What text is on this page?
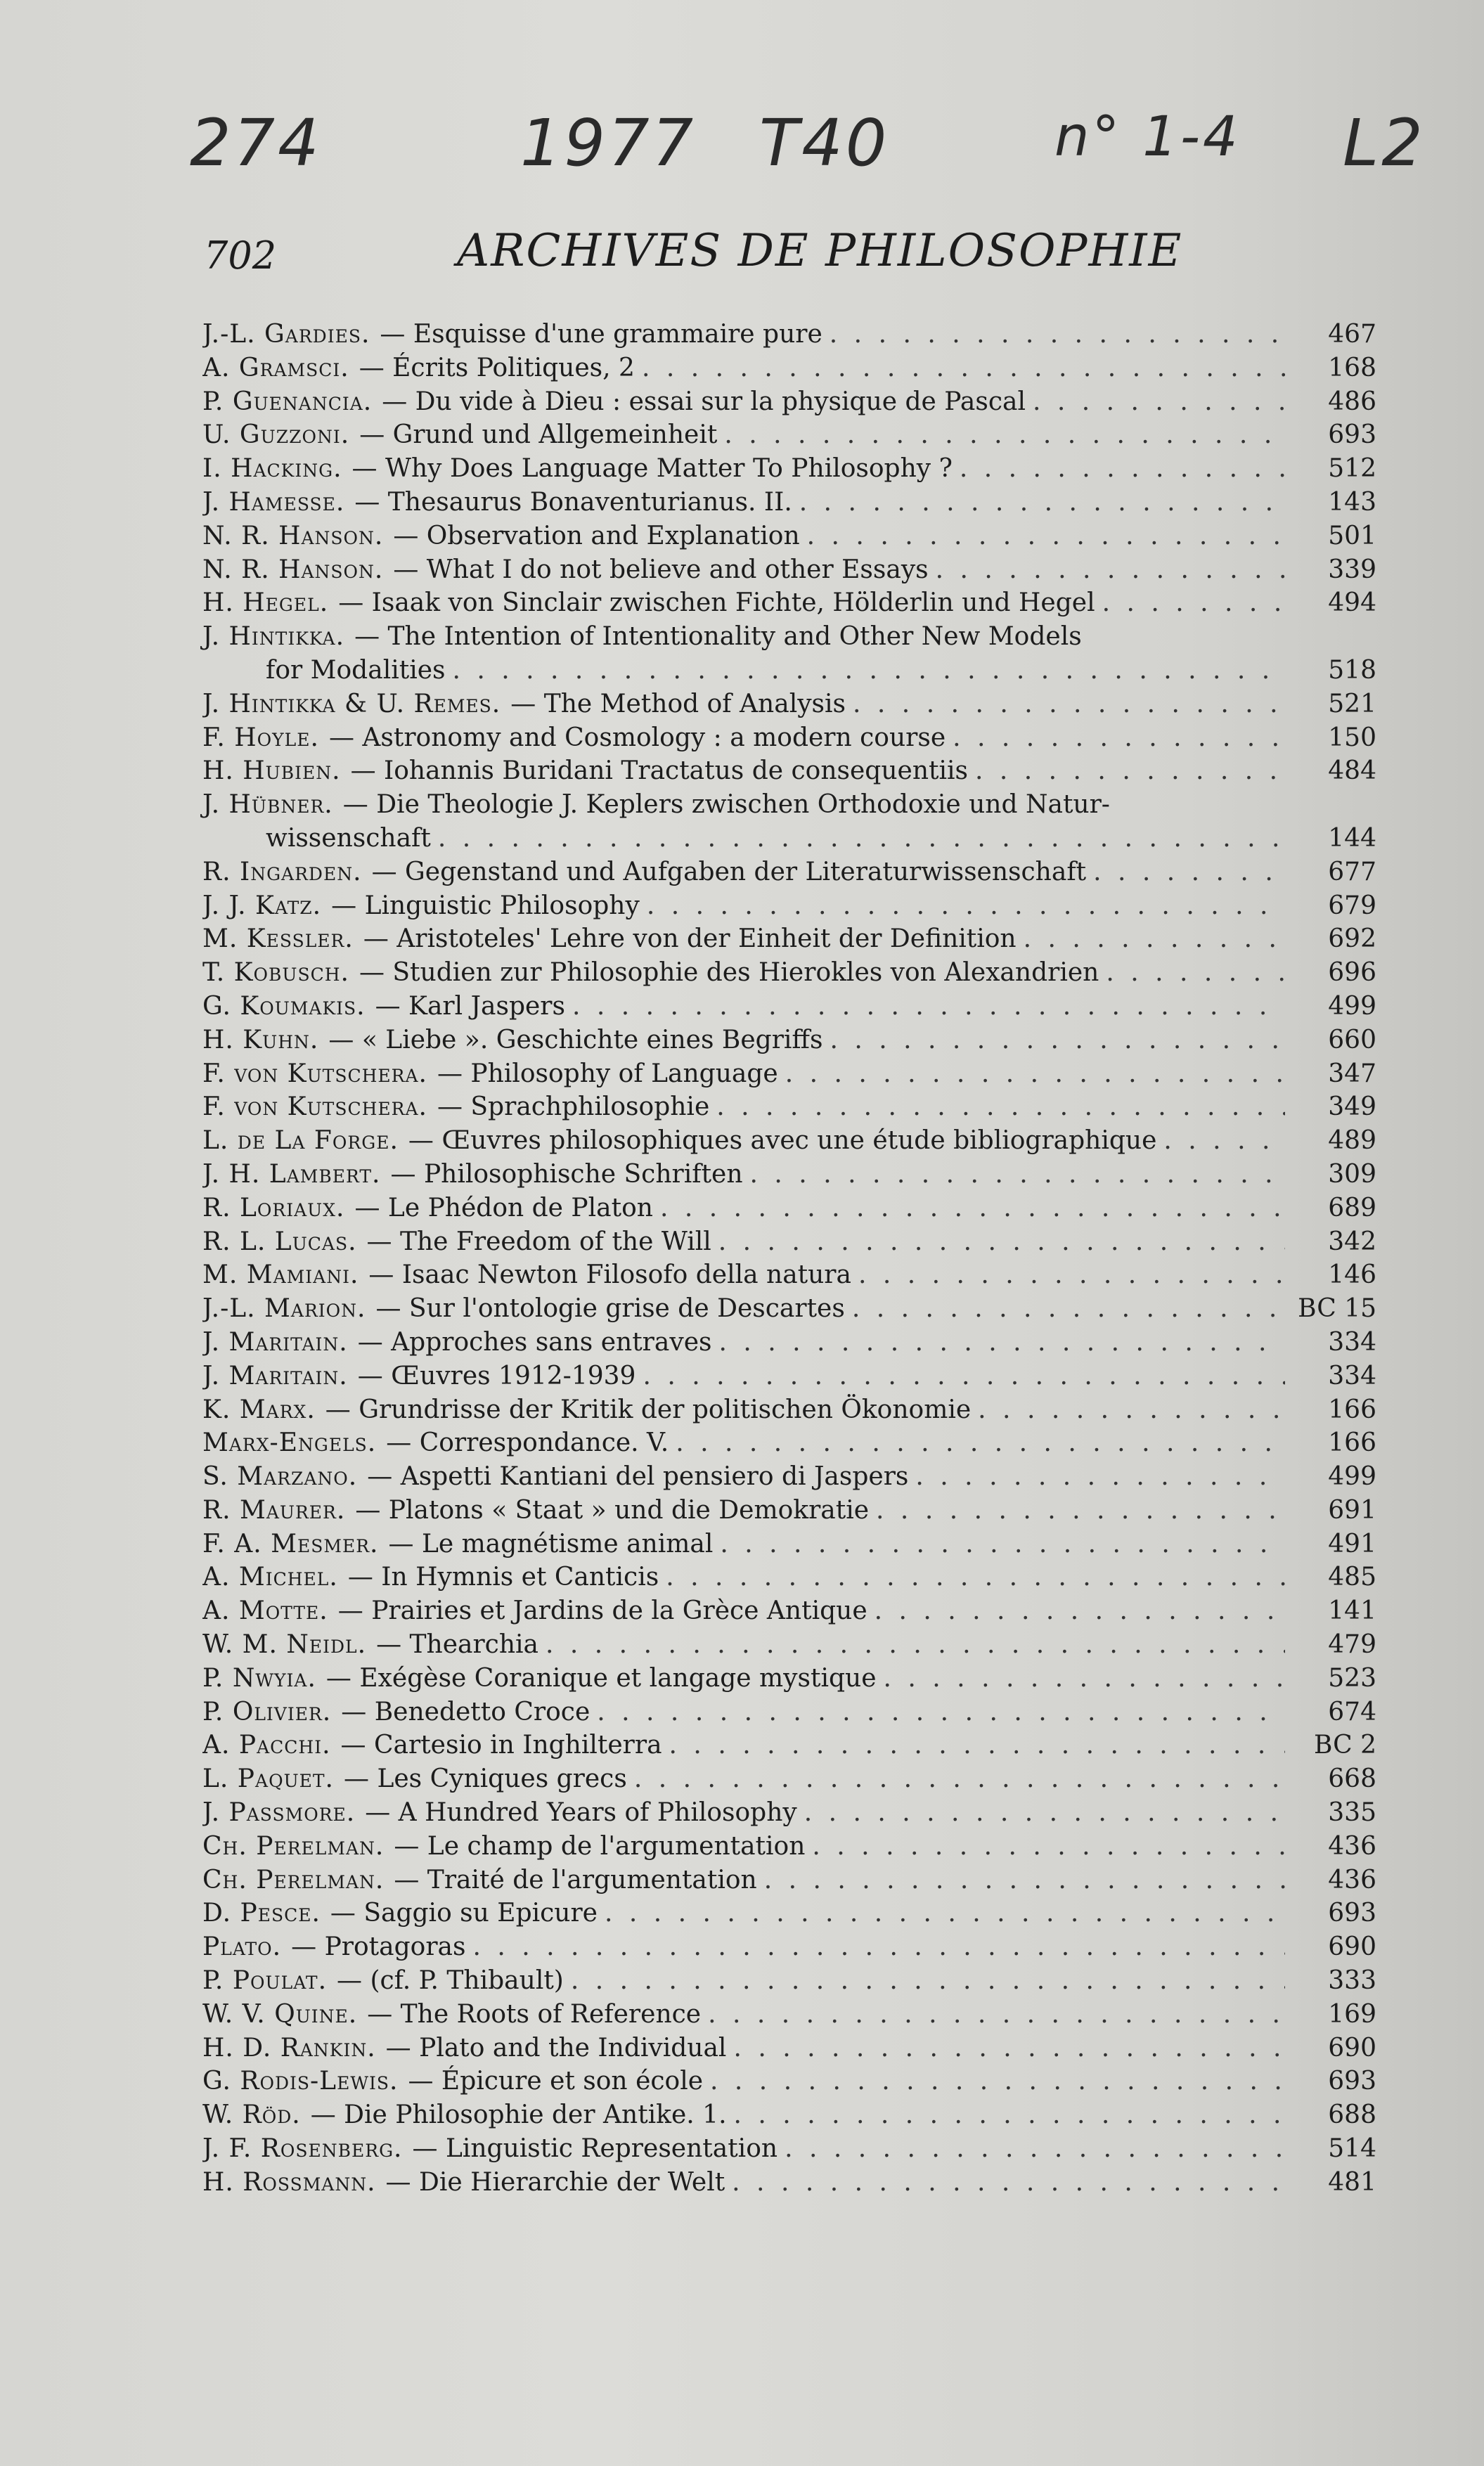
274	1977 T40	n° 1-4 L2
702	ARCHIVES DE PHILOSOPHIE
J.-L. Gardies. — Esquisse d'une grammaire pure . . .	467
A. Gramsci. — Écrits Politiques, 2 . . .	168
P. Guenancia. — Du vide à Dieu : essai sur la physique de Pascal . . .	486
U. Guzzoni. — Grund und Allgemeinheit . . .	693
I. Hacking. — Why Does Language Matter To Philosophy ? . . .	512
J. Hamesse. — Thesaurus Bonaventurianus. II. . . .	143
N. R. Hanson. — Observation and Explanation . . .	501
N. R. Hanson. — What I do not believe and other Essays . . .	339
H. Hegel. — Isaak von Sinclair zwischen Fichte, Hölderlin und Hegel . . .	494
J. Hintikka. — The Intention of Intentionality and Other New Models
for Modalities . . .	518
J. Hintikka & U. Remes. — The Method of Analysis . . .	521
F. Hoyle. — Astronomy and Cosmology : a modern course . . .	150
H. Hubien. — Iohannis Buridani Tractatus de consequentiis . . .	484
J. Hübner. — Die Theologie J. Keplers zwischen Orthodoxie und Natur-
wissenschaft . . .	144
R. Ingarden. — Gegenstand und Aufgaben der Literaturwissenschaft . . .	677
J. J. Katz. — Linguistic Philosophy . . .	679
M. Kessler. — Aristoteles' Lehre von der Einheit der Definition . . .	692
T. Kobusch. — Studien zur Philosophie des Hierokles von Alexandrien . . .	696
G. Koumakis. — Karl Jaspers . . .	499
H. Kuhn. — « Liebe ». Geschichte eines Begriffs . . .	660
F. von Kutschera. — Philosophy of Language . . .	347
F. von Kutschera. — Sprachphilosophie . . .	349
L. de La Forge. — Œuvres philosophiques avec une étude bibliographique . . .	489
J. H. Lambert. — Philosophische Schriften . . .	309
R. Loriaux. — Le Phédon de Platon . . .	689
R. L. Lucas. — The Freedom of the Will . . .	342
M. Mamiani. — Isaac Newton Filosofo della natura . . .	146
J.-L. Marion. — Sur l'ontologie grise de Descartes . . .	BC 15
J. Maritain. — Approches sans entraves . . .	334
J. Maritain. — Œuvres 1912-1939 . . .	334
K. Marx. — Grundrisse der Kritik der politischen Ökonomie . . .	166
Marx-Engels. — Correspondance. V. . . .	166
S. Marzano. — Aspetti Kantiani del pensiero di Jaspers . . .	499
R. Maurer. — Platons « Staat » und die Demokratie . . .	691
F. A. Mesmer. — Le magnétisme animal . . .	491
A. Michel. — In Hymnis et Canticis . . .	485
A. Motte. — Prairies et Jardins de la Grèce Antique . . .	141
W. M. Neidl. — Thearchia . . .	479
P. Nwyia. — Exégèse Coranique et langage mystique . . .	523
P. Olivier. — Benedetto Croce . . .	674
A. Pacchi. — Cartesio in Inghilterra . . .	BC 2
L. Paquet. — Les Cyniques grecs . . .	668
J. Passmore. — A Hundred Years of Philosophy . . .	335
Ch. Perelman. — Le champ de l'argumentation . . .	436
Ch. Perelman. — Traité de l'argumentation . . .	436
D. Pesce. — Saggio su Epicure . . .	693
Plato. — Protagoras . . .	690
P. Poulat. — (cf. P. Thibault) . . .	333
W. V. Quine. — The Roots of Reference . . .	169
H. D. Rankin. — Plato and the Individual . . .	690
G. Rodis-Lewis. — Épicure et son école . . .	693
W. Röd. — Die Philosophie der Antike. 1. . . .	688
J. F. Rosenberg. — Linguistic Representation . . .	514
H. Rossmann. — Die Hierarchie der Welt . . .	481
